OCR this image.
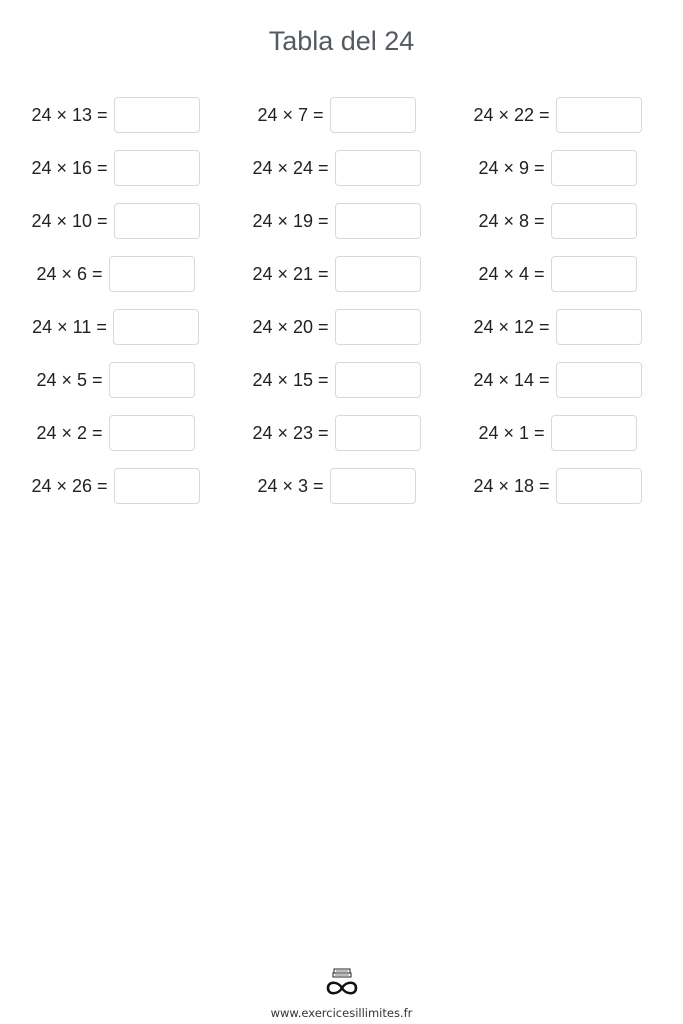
Tabla del 24
24 × 13 =	24 × 7 =	24 × 22 =
24 × 16 =	24 × 24 =	24 × 9 =
24 × 10 =	24 × 19 =	24 × 8 =
24 × 6 =	24 × 21 =	24 × 4 =
24 × 11 =	24 × 20 =	24 × 12 =
24 × 5 =	24 × 15 =	24 × 14 =
24 × 2 =	24 × 23 =	24 × 1 =
24 × 26 =	24 × 3 =	24 × 18 =
www.exercicesillimites.fr
